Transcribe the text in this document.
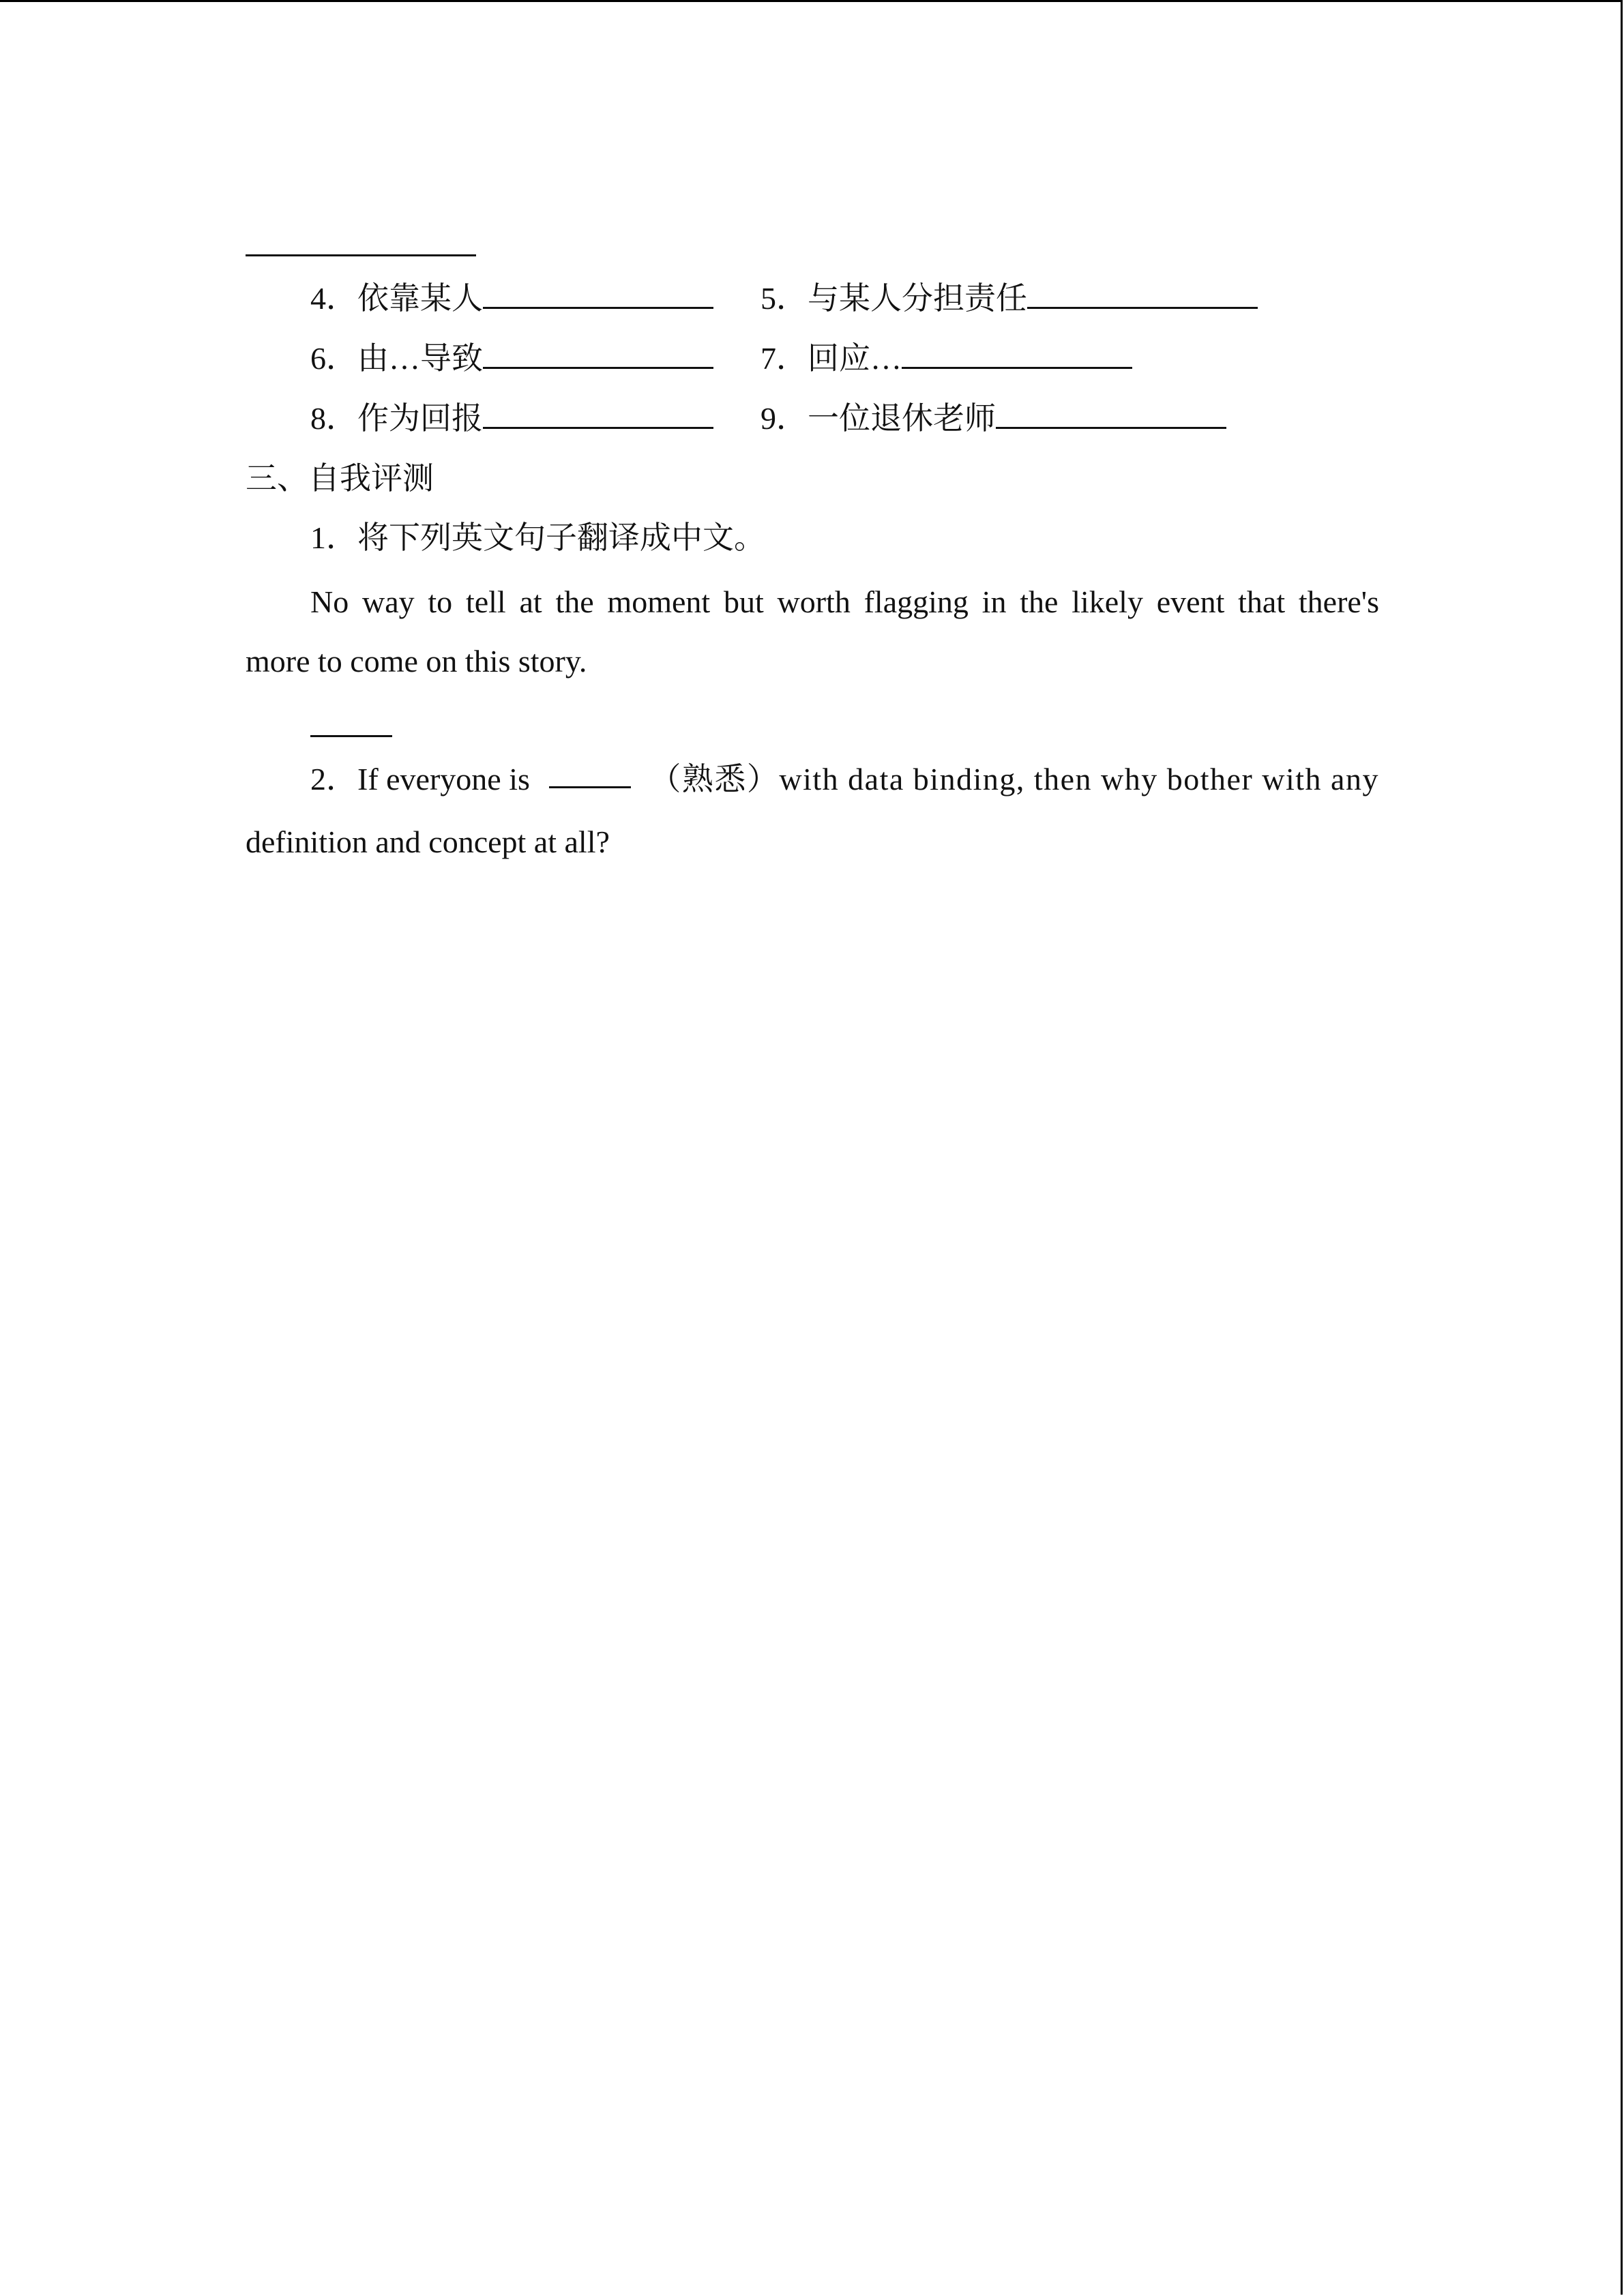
4．依靠某人	5．与某人分担责任
6．由…导致	7．回应…
8．作为回报	9．一位退休老师
三、自我评测
1．将下列英文句子翻译成中文。
No way to tell at the moment but worth flagging in the likely event that there's
more to come on this story.
2．If everyone is	（熟悉）with data binding, then why bother with any
definition and concept at all?
